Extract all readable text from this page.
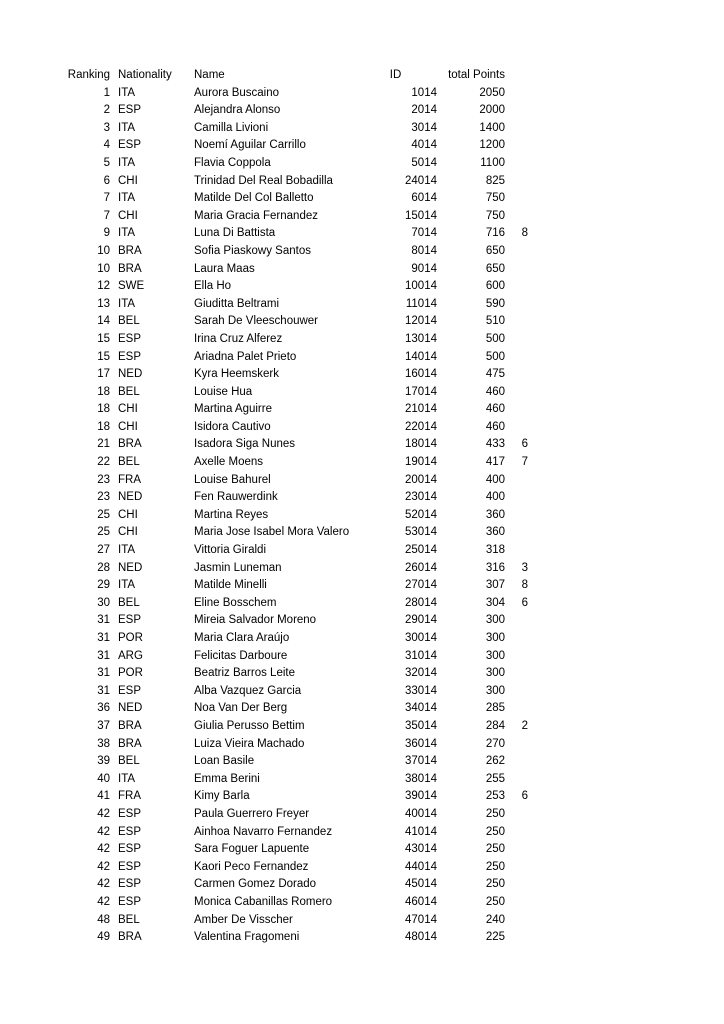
Ranking Nationality	Name	ID	total Points
1 ITA	Aurora Buscaino	1014	2050
2 ESP	Alejandra Alonso	2014	2000
3 ITA	Camilla Livioni	3014	1400
4 ESP	Noemí Aguilar Carrillo	4014	1200
5 ITA	Flavia Coppola	5014	1100
6 CHI	Trinidad Del Real Bobadilla	24014	825
7 ITA	Matilde Del Col Balletto	6014	750
7 CHI	Maria Gracia Fernandez	15014	750
9 ITA	Luna Di Battista	7014	716	8
10 BRA	Sofia Piaskowy Santos	8014	650
10 BRA	Laura Maas	9014	650
12 SWE	Ella Ho	10014	600
13 ITA	Giuditta Beltrami	11014	590
14 BEL	Sarah De Vleeschouwer	12014	510
15 ESP	Irina Cruz Alferez	13014	500
15 ESP	Ariadna Palet Prieto	14014	500
17 NED	Kyra Heemskerk	16014	475
18 BEL	Louise Hua	17014	460
18 CHI	Martina Aguirre	21014	460
18 CHI	Isidora Cautivo	22014	460
21 BRA	Isadora Siga Nunes	18014	433	6
22 BEL	Axelle Moens	19014	417	7
23 FRA	Louise Bahurel	20014	400
23 NED	Fen Rauwerdink	23014	400
25 CHI	Martina Reyes	52014	360
25 CHI	Maria Jose Isabel Mora Valero	53014	360
27 ITA	Vittoria Giraldi	25014	318
28 NED	Jasmin Luneman	26014	316	3
29 ITA	Matilde Minelli	27014	307	8
30 BEL	Eline Bosschem	28014	304	6
31 ESP	Mireia Salvador Moreno	29014	300
31 POR	Maria Clara Araújo	30014	300
31 ARG	Felicitas Darboure	31014	300
31 POR	Beatriz Barros Leite	32014	300
31 ESP	Alba Vazquez Garcia	33014	300
36 NED	Noa Van Der Berg	34014	285
37 BRA	Giulia Perusso Bettim	35014	284	2
38 BRA	Luiza Vieira Machado	36014	270
39 BEL	Loan Basile	37014	262
40 ITA	Emma Berini	38014	255
41 FRA	Kimy Barla	39014	253	6
42 ESP	Paula Guerrero Freyer	40014	250
42 ESP	Ainhoa Navarro Fernandez	41014	250
42 ESP	Sara Foguer Lapuente	43014	250
42 ESP	Kaori Peco Fernandez	44014	250
42 ESP	Carmen Gomez Dorado	45014	250
42 ESP	Monica Cabanillas Romero	46014	250
48 BEL	Amber De Visscher	47014	240
49 BRA	Valentina Fragomeni	48014	225
